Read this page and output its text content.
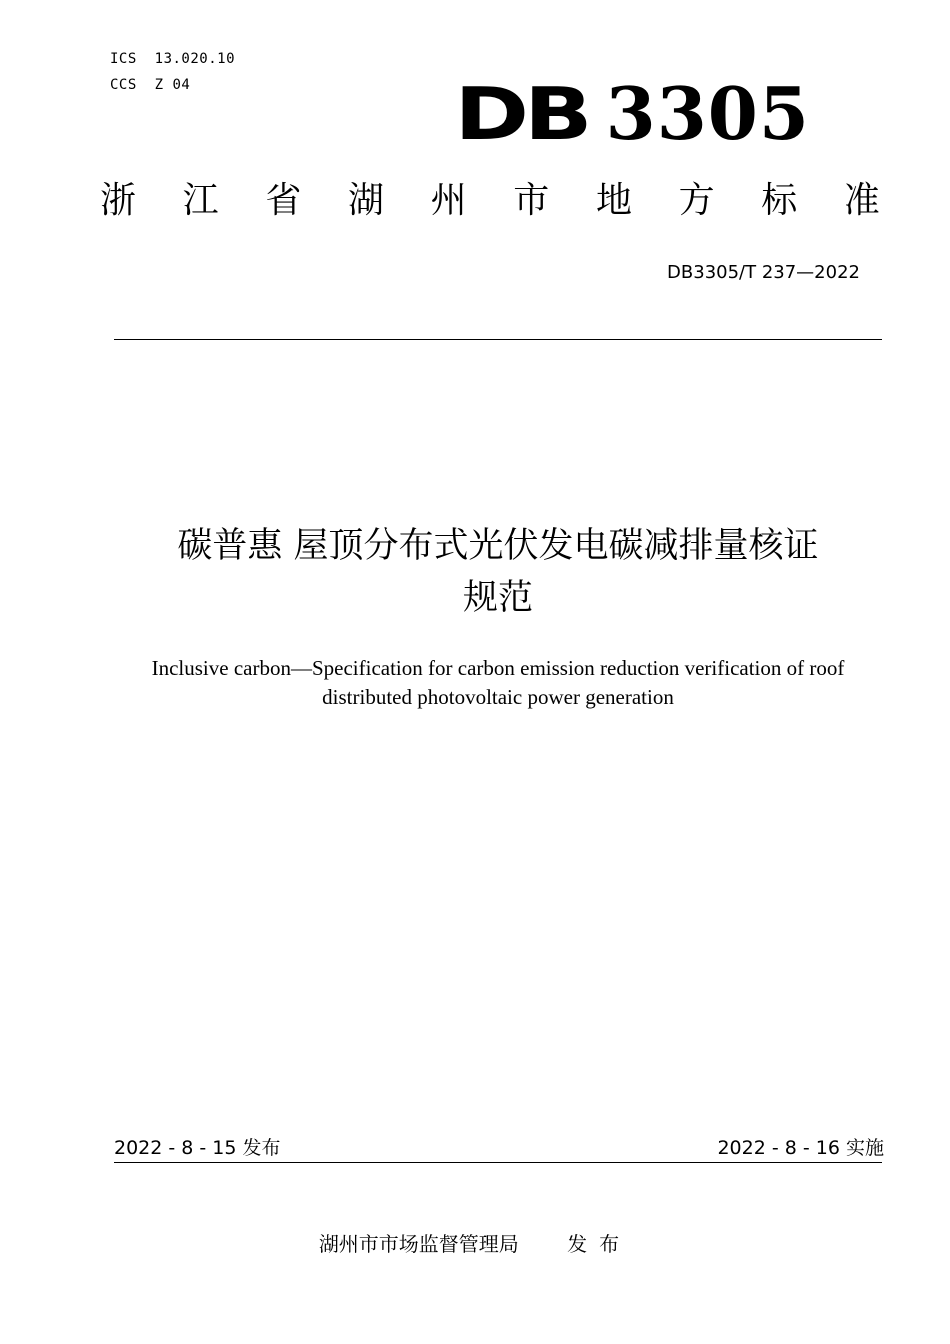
ICS  13.020.10
CCS  Z 04	DB 3305
浙 江 省 湖 州 市 地 方 标 准
DB3305/T 237—2022
碳普惠 屋顶分布式光伏发电碳减排量核证
规范
Inclusive carbon—Specification for carbon emission reduction verification of roof
distributed photovoltaic power generation
2022 - 8 - 15 发布	2022 - 8 - 16 实施
湖州市市场监督管理局 发布
